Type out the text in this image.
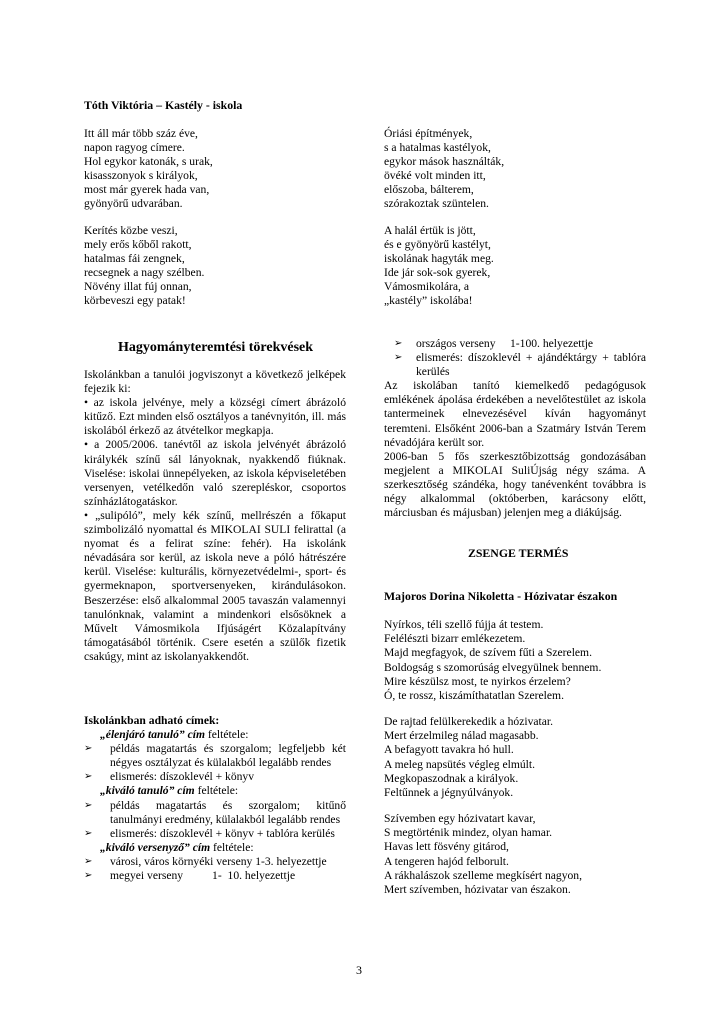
Tóth Viktória – Kastély - iskola
Itt áll már több száz éve,
napon ragyog címere.
Hol egykor katonák, s urak,
kisasszonyok s királyok,
most már gyerek hada van,
gyönyörű udvarában.
Kerítés közbe veszi,
mely erős kőből rakott,
hatalmas fái zengnek,
recsegnek a nagy szélben.
Növény illat fúj onnan,
körbeveszi egy patak!
Óriási építmények,
s a hatalmas kastélyok,
egykor mások használták,
övéké volt minden itt,
előszoba, bálterem,
szórakoztak szüntelen.
A halál értük is jött,
és e gyönyörű kastélyt,
iskolának hagyták meg.
Ide jár sok-sok gyerek,
Vámosmikolára, a
„kastély” iskolába!
Hagyományteremtési törekvések
Iskolánkban a tanulói jogviszonyt a következő jelképek fejezik ki:
• az iskola jelvénye, mely a községi címert ábrázoló kitűző. Ezt minden első osztályos a tanévnyitón, ill. más iskolából érkező az átvételkor megkapja.
• a 2005/2006. tanévtől az iskola jelvényét ábrázoló királykék színű sál lányoknak, nyakkendő fiúknak. Viselése: iskolai ünnepélyeken, az iskola képviseletében versenyen, vetélkedőn való szerepléskor, csoportos színházlátogatáskor.
• „sulipóló”, mely kék színű, mellrészén a főkaput szimbolizáló nyomattal és MIKOLAI SULI felirattal (a nyomat és a felirat színe: fehér). Ha iskolánk névadására sor kerül, az iskola neve a póló hátrészére kerül. Viselése: kulturális, környezetvédelmi-, sport- és gyermeknapon, sportversenyeken, kirándulásokon. Beszerzése: első alkalommal 2005 tavaszán valamennyi tanulónknak, valamint a mindenkori elsősöknek a Művelt Vámosmikola Ifjúságért Közalapítvány támogatásából történik. Csere esetén a szülők fizetik csakúgy, mint az iskolanyakkendőt.
Iskolánkban adható címek:
„élenjáró tanuló” cím feltétele:
➢	példás magatartás és szorgalom; legfeljebb két négyes osztályzat és külalakból legalább rendes
➢	elismerés: díszoklevél + könyv
„kiváló tanuló” cím feltétele:
➢	példás magatartás és szorgalom; kitűnő tanulmányi eredmény, külalakból legalább rendes
➢	elismerés: díszoklevél + könyv + tablóra kerülés
„kiváló versenyző” cím feltétele:
➢	városi, város környéki verseny 1-3. helyezettje
➢	megyei verseny          1-  10. helyezettje
➢	országos verseny     1-100. helyezettje
➢	elismerés: díszoklevél + ajándéktárgy + tablóra kerülés
Az iskolában tanító kiemelkedő pedagógusok emlékének ápolása érdekében a nevelőtestület az iskola tantermeinek elnevezésével kíván hagyományt teremteni. Elsőként 2006-ban a Szatmáry István Terem névadójára került sor.
2006-ban 5 fős szerkesztőbizottság gondozásában megjelent a MIKOLAI SuliÚjság négy száma. A szerkesztőség szándéka, hogy tanévenként továbbra is négy alkalommal (októberben, karácsony előtt, márciusban és májusban) jelenjen meg a diákújság.
ZSENGE TERMÉS
Majoros Dorina Nikoletta - Hózivatar északon
Nyírkos, téli szellő fújja át testem.
Felélészti bizarr emlékezetem.
Majd megfagyok, de szívem fűti a Szerelem.
Boldogság s szomorúság elvegyülnek bennem.
Mire készülsz most, te nyirkos érzelem?
Ó, te rossz, kiszámíthatatlan Szerelem.
De rajtad felülkerekedik a hózivatar.
Mert érzelmileg nálad magasabb.
A befagyott tavakra hó hull.
A meleg napsütés végleg elmúlt.
Megkopaszodnak a királyok.
Feltűnnek a jégnyúlványok.
Szívemben egy hózivatart kavar,
S megtörténik mindez, olyan hamar.
Havas lett fösvény gitárod,
A tengeren hajód felborult.
A rákhalászok szelleme megkísért nagyon,
Mert szívemben, hózivatar van északon.
3
